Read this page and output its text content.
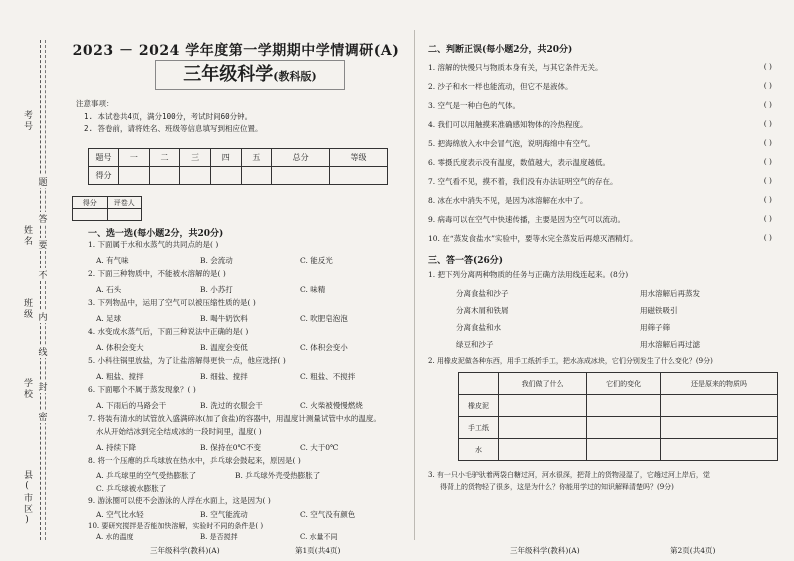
考号
姓名
班级
学校
县(市区)
题
答
要
不
内
线
封
密
2023 － 2024 学年度第一学期期中学情调研(A)
三年级科学(教科版)
注意事项：
1. 本试卷共4页，满分100分，考试时间60分钟。
2. 答卷前，请将姓名、班级等信息填写到相应位置。
题号	一	二	三	四	五	总分	等级
得分							
得分	评卷人

一、选一选(每小题2分，共20分)
1. 下面属于水和水蒸气的共同点的是( )
A. 有气味	B. 会流动	C. 能反光
2. 下面三种物质中，不能被水溶解的是( )
A. 石头	B. 小苏打	C. 味精
3. 下列物品中，运用了空气可以被压缩性质的是( )
A. 足球	B. 喝牛奶饮料	C. 吹肥皂泡泡
4. 水变成水蒸气后，下面三种说法中正确的是( )
A. 体积会变大	B. 温度会变低	C. 体积会变小
5. 小科往锅里放盐，为了让盐溶解得更快一点，他应选择( )
A. 粗盐、搅拌	B. 细盐、搅拌	C. 粗盐、不搅拌
6. 下面哪个不属于蒸发现象？( )
A. 下雨后的马路会干	B. 洗过的衣服会干	C. 火柴被慢慢燃烧
7. 将装有清水的试管放入盛满碎冰(加了食盐)的容器中，用温度计测量试管中水的温度。
水从开始结冰到完全结成冰的一段时间里，温度( )
A. 持续下降	B. 保持在0℃不变	C. 大于0℃
8. 将一个压瘪的乒乓球放在热水中，乒乓球会鼓起来，原因是( )
A. 乒乓球里的空气受热膨胀了	B. 乒乓球外壳受热膨胀了
C. 乒乓球被水膨胀了
9. 游泳圈可以使不会游泳的人浮在水面上，这是因为( )
A. 空气比水轻	B. 空气能流动	C. 空气没有颜色
10. 要研究搅拌是否能加快溶解，实验时不同的条件是( )
A. 水的温度	B. 是否搅拌	C. 水量不同
三年级科学(教科)(A)	第1页(共4页)
二、判断正误(每小题2分，共20分)
1. 溶解的快慢只与物质本身有关，与其它条件无关。	( )
2. 沙子和水一样也能流动，但它不是液体。	( )
3. 空气是一种白色的气体。	( )
4. 我们可以用触摸来准确感知物体的冷热程度。	( )
5. 把海绵放入水中会冒气泡，说明海绵中有空气。	( )
6. 零摄氏度表示没有温度，数值越大，表示温度越低。	( )
7. 空气看不见，摸不着，我们没有办法证明空气的存在。	( )
8. 冰在水中消失不见，是因为冰溶解在水中了。	( )
9. 病毒可以在空气中快速传播，主要是因为空气可以流动。	( )
10. 在“蒸发食盐水”实验中，要等水完全蒸发后再熄灭酒精灯。	( )
三、答一答(26分)
1. 把下列分离两种物质的任务与正确方法用线连起来。(8分)
分离食盐和沙子
分离木屑和铁屑
分离食盐和水
绿豆和沙子
用水溶解后再蒸发
用磁铁吸引
用筛子筛
用水溶解后再过滤
2. 用橡皮泥做各种东西，用手工纸折手工，把水冻成冰块，它们分别发生了什么变化？(9分)
	我们做了什么	它们的变化	还是原来的物质吗
橡皮泥			
手工纸			
水			
3. 有一只小毛驴驮着两袋白糖过河，河水很深，把背上的货物浸湿了，它趟过河上岸后，觉
得背上的货物轻了很多，这是为什么？你能用学过的知识解释清楚吗？(9分)
三年级科学(教科)(A)	第2页(共4页)
